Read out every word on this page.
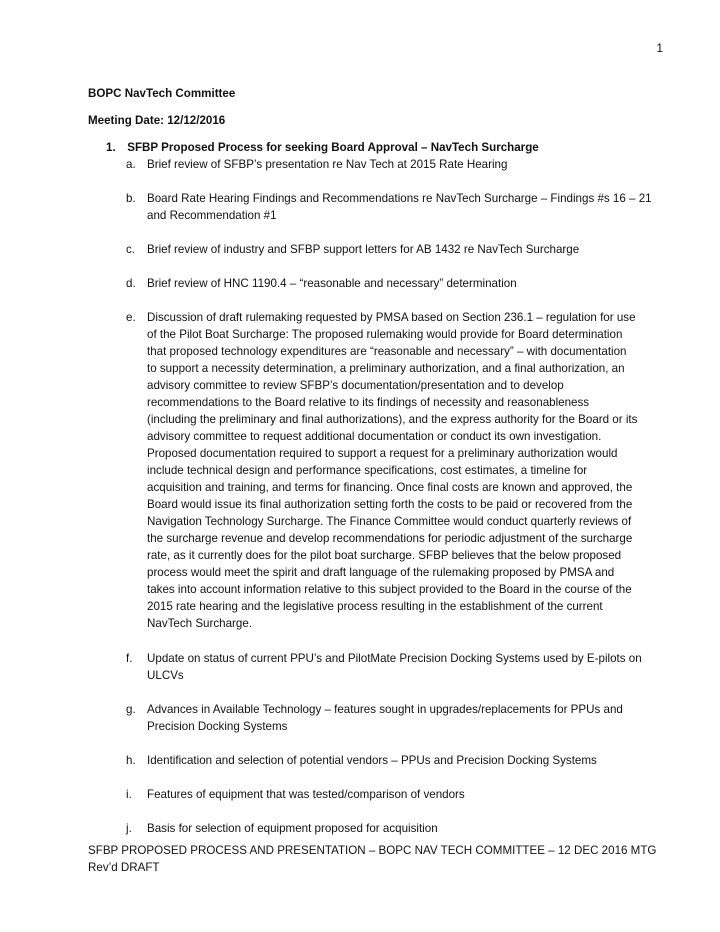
1
BOPC NavTech Committee
Meeting Date: 12/12/2016
1. SFBP Proposed Process for seeking Board Approval – NavTech Surcharge
a. Brief review of SFBP’s presentation re Nav Tech at 2015 Rate Hearing
b. Board Rate Hearing Findings and Recommendations re NavTech Surcharge – Findings #s 16 – 21 and Recommendation #1
c. Brief review of industry and SFBP support letters for AB 1432 re NavTech Surcharge
d. Brief review of HNC 1190.4 – “reasonable and necessary” determination
e. Discussion of draft rulemaking requested by PMSA based on Section 236.1 – regulation for use of the Pilot Boat Surcharge: The proposed rulemaking would provide for Board determination that proposed technology expenditures are “reasonable and necessary” – with documentation to support a necessity determination, a preliminary authorization, and a final authorization, an advisory committee to review SFBP’s documentation/presentation and to develop recommendations to the Board relative to its findings of necessity and reasonableness (including the preliminary and final authorizations), and the express authority for the Board or its advisory committee to request additional documentation or conduct its own investigation. Proposed documentation required to support a request for a preliminary authorization would include technical design and performance specifications, cost estimates, a timeline for acquisition and training, and terms for financing. Once final costs are known and approved, the Board would issue its final authorization setting forth the costs to be paid or recovered from the Navigation Technology Surcharge. The Finance Committee would conduct quarterly reviews of the surcharge revenue and develop recommendations for periodic adjustment of the surcharge rate, as it currently does for the pilot boat surcharge. SFBP believes that the below proposed process would meet the spirit and draft language of the rulemaking proposed by PMSA and takes into account information relative to this subject provided to the Board in the course of the 2015 rate hearing and the legislative process resulting in the establishment of the current NavTech Surcharge.
f. Update on status of current PPU’s and PilotMate Precision Docking Systems used by E-pilots on ULCVs
g. Advances in Available Technology – features sought in upgrades/replacements for PPUs and Precision Docking Systems
h. Identification and selection of potential vendors – PPUs and Precision Docking Systems
i. Features of equipment that was tested/comparison of vendors
j. Basis for selection of equipment proposed for acquisition
SFBP PROPOSED PROCESS AND PRESENTATION – BOPC NAV TECH COMMITTEE – 12 DEC 2016 MTG
Rev’d DRAFT
